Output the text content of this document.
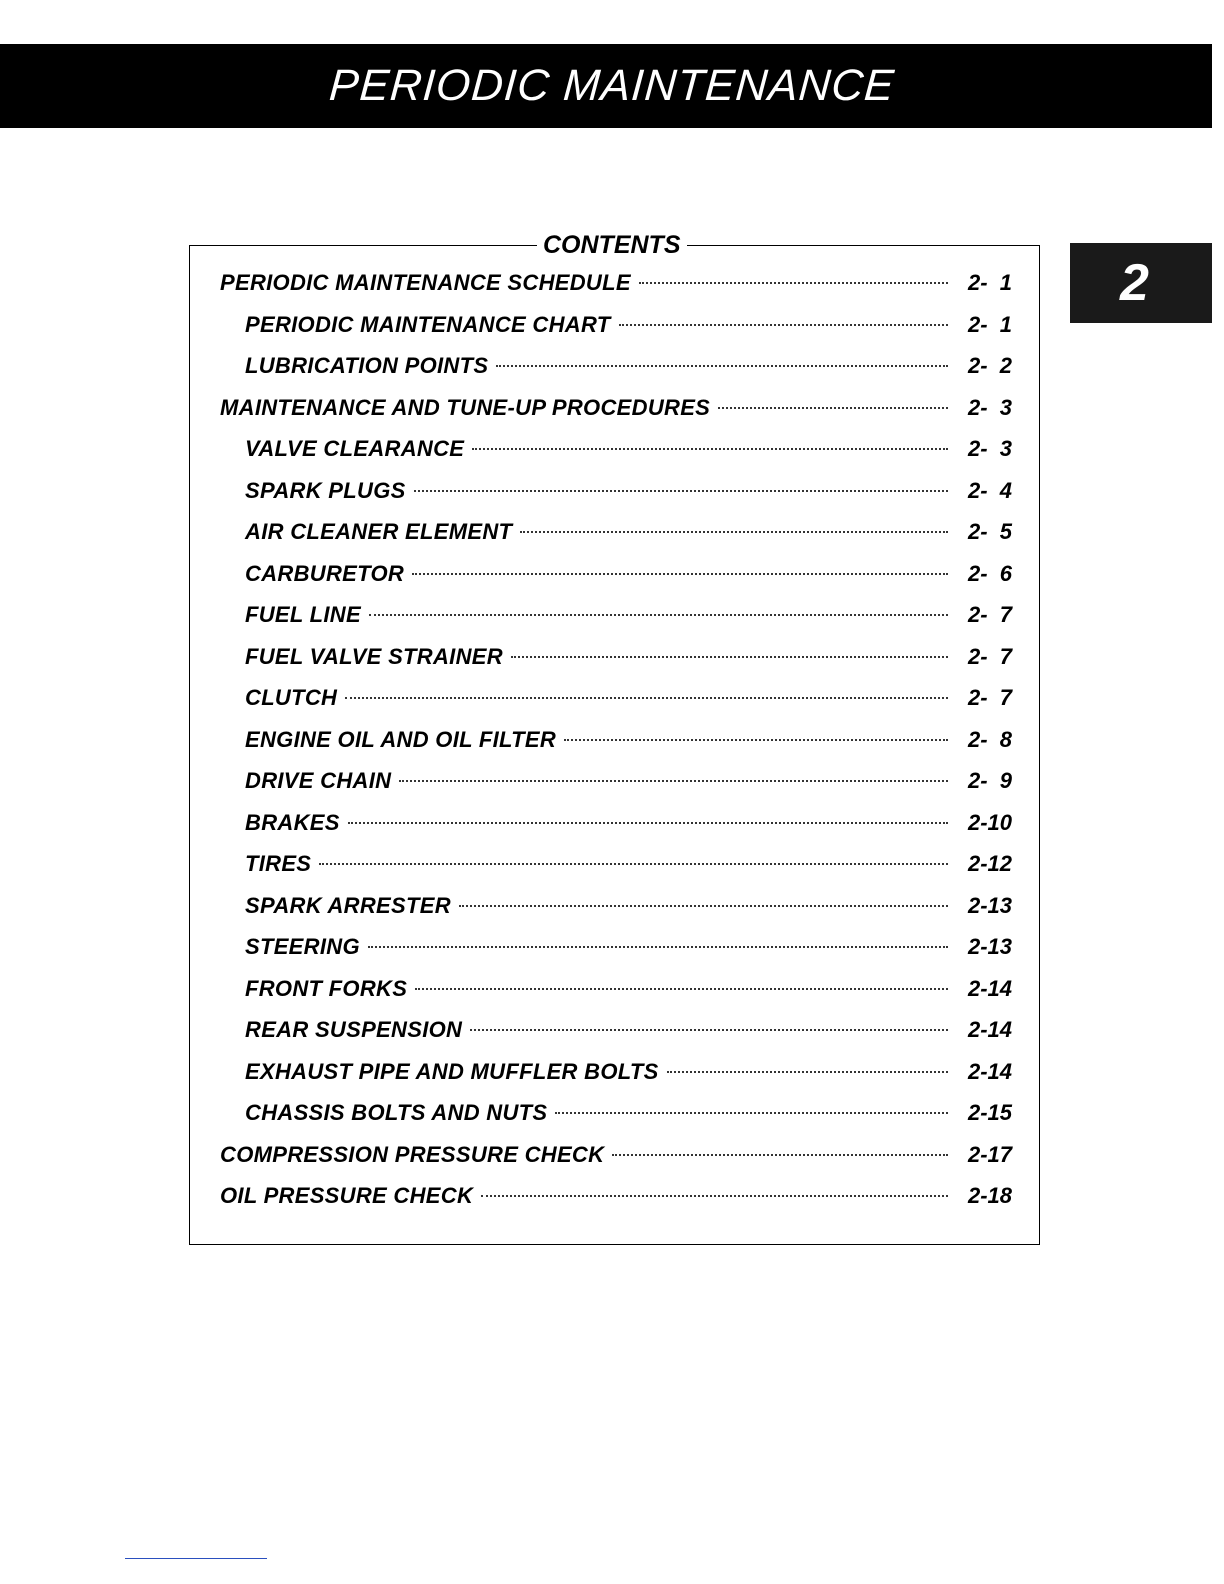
PERIODIC MAINTENANCE
2
CONTENTS
PERIODIC MAINTENANCE SCHEDULE	2-  1
PERIODIC MAINTENANCE CHART	2-  1
LUBRICATION POINTS	2-  2
MAINTENANCE AND TUNE-UP PROCEDURES	2-  3
VALVE CLEARANCE	2-  3
SPARK PLUGS	2-  4
AIR CLEANER ELEMENT	2-  5
CARBURETOR	2-  6
FUEL LINE	2-  7
FUEL VALVE STRAINER	2-  7
CLUTCH	2-  7
ENGINE OIL AND OIL FILTER	2-  8
DRIVE CHAIN	2-  9
BRAKES	2-10
TIRES	2-12
SPARK ARRESTER	2-13
STEERING	2-13
FRONT FORKS	2-14
REAR SUSPENSION	2-14
EXHAUST PIPE AND MUFFLER BOLTS	2-14
CHASSIS BOLTS AND NUTS	2-15
COMPRESSION PRESSURE CHECK	2-17
OIL PRESSURE CHECK	2-18
